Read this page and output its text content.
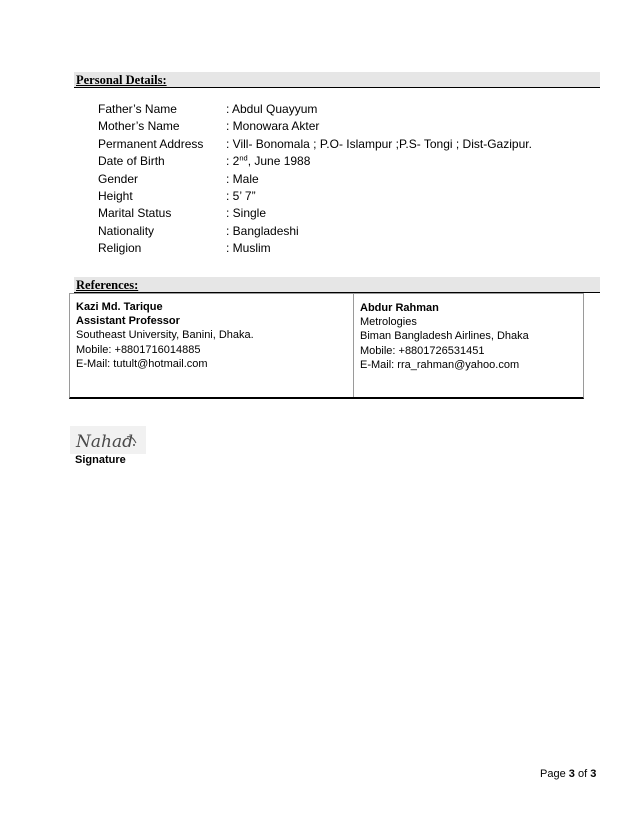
Personal Details:
Father’s Name	: Abdul Quayyum
Mother’s Name	: Monowara Akter
Permanent Address : Vill- Bonomala ; P.O- Islampur ;P.S- Tongi ; Dist-Gazipur.
Date of Birth	: 2nd, June 1988
Gender	: Male
Height	: 5’ 7”
Marital Status	: Single
Nationality	: Bangladeshi
Religion	: Muslim
References:
Kazi Md. Tarique
Assistant Professor
Southeast University, Banini, Dhaka.
Mobile: +8801716014885
E-Mail: tutult@hotmail.com
Abdur Rahman
Metrologies
Biman Bangladesh Airlines, Dhaka
Mobile: +8801726531451
E-Mail: rra_rahman@yahoo.com
Nahad
Signature
Page 3 of 3
